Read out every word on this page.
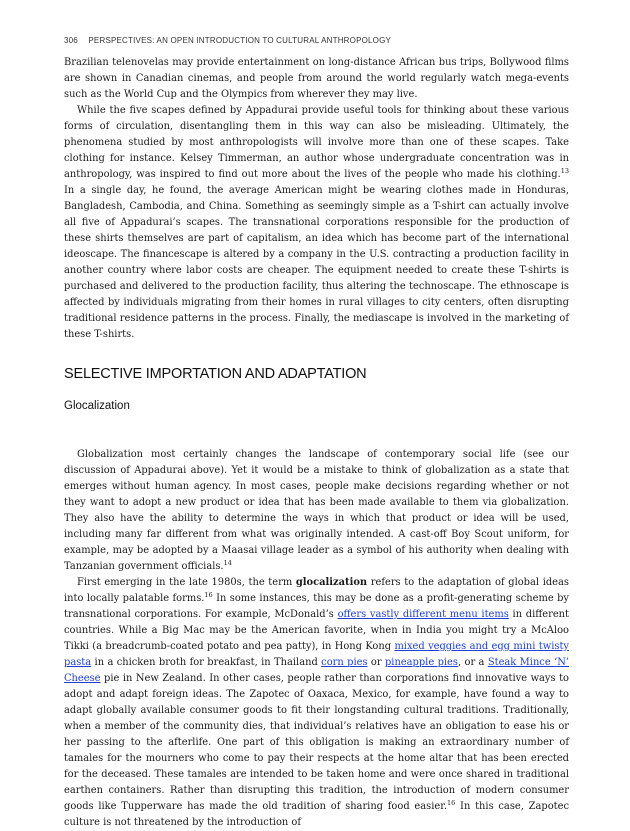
306 PERSPECTIVES: AN OPEN INTRODUCTION TO CULTURAL ANTHROPOLOGY

Brazilian telenovelas may provide entertainment on long-distance African bus trips, Bollywood films are shown in Canadian cinemas, and people from around the world regularly watch mega-events such as the World Cup and the Olympics from wherever they may live.

While the five scapes defined by Appadurai provide useful tools for thinking about these various forms of circulation, disentangling them in this way can also be misleading. Ultimately, the phenomena studied by most anthropologists will involve more than one of these scapes. Take clothing for instance. Kelsey Timmerman, an author whose undergraduate concentration was in anthropology, was inspired to find out more about the lives of the people who made his clothing.$^{13}$ In a single day, he found, the average American might be wearing clothes made in Honduras, Bangladesh, Cambodia, and China. Something as seemingly simple as a T-shirt can actually involve all five of Appadurai’s scapes. The transnational corporations responsible for the production of these shirts themselves are part of capitalism, an idea which has become part of the international ideoscape. The financescape is altered by a company in the U.S. contracting a production facility in another country where labor costs are cheaper. The equipment needed to create these T-shirts is purchased and delivered to the production facility, thus altering the technoscape. The ethnoscape is affected by individuals migrating from their homes in rural villages to city centers, often disrupting traditional residence patterns in the process. Finally, the mediascape is involved in the marketing of these T-shirts.

SELECTIVE IMPORTATION AND ADAPTATION
Glocalization

Globalization most certainly changes the landscape of contemporary social life (see our discussion of Appadurai above). Yet it would be a mistake to think of globalization as a state that emerges without human agency. In most cases, people make decisions regarding whether or not they want to adopt a new product or idea that has been made available to them via globalization. They also have the ability to determine the ways in which that product or idea will be used, including many far different from what was originally intended. A cast-off Boy Scout uniform, for example, may be adopted by a Maasai village leader as a symbol of his authority when dealing with Tanzanian government officials.$^{14}$

First emerging in the late 1980s, the term glocalization refers to the adaptation of global ideas into locally palatable forms.$^{16}$ In some instances, this may be done as a profit-generating scheme by transnational corporations. For example, McDonald’s offers vastly different menu items in different countries. While a Big Mac may be the American favorite, when in India you might try a McAloo Tikki (a breadcrumb-coated potato and pea patty), in Hong Kong mixed veggies and egg mini twisty pasta in a chicken broth for breakfast, in Thailand corn pies or pineapple pies, or a Steak Mince ‘N’ Cheese pie in New Zealand. In other cases, people rather than corporations find innovative ways to adopt and adapt foreign ideas. The Zapotec of Oaxaca, Mexico, for example, have found a way to adapt globally available consumer goods to fit their longstanding cultural traditions. Traditionally, when a member of the community dies, that individual’s relatives have an obligation to ease his or her passing to the afterlife. One part of this obligation is making an extraordinary number of tamales for the mourners who come to pay their respects at the home altar that has been erected for the deceased. These tamales are intended to be taken home and were once shared in traditional earthen containers. Rather than disrupting this tradition, the introduction of modern consumer goods like Tupperware has made the old tradition of sharing food easier.$^{16}$ In this case, Zapotec culture is not threatened by the introduction of
